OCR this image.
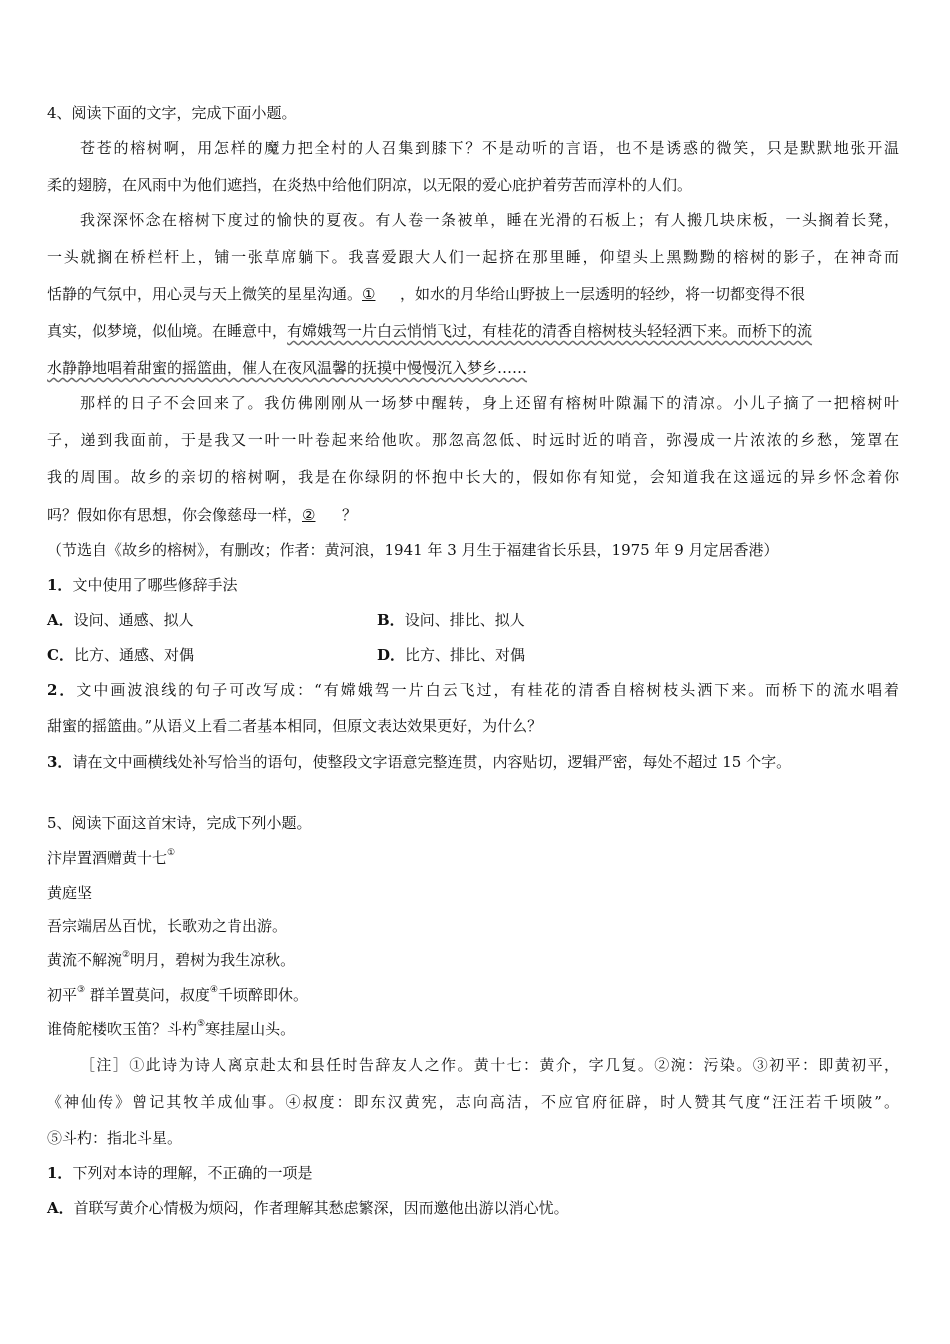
4、阅读下面的文字，完成下面小题。
苍苍的榕树啊，用怎样的魔力把全村的人召集到膝下？不是动听的言语，也不是诱惑的微笑，只是默默地张开温
柔的翅膀，在风雨中为他们遮挡，在炎热中给他们阴凉，以无限的爱心庇护着劳苦而淳朴的人们。
我深深怀念在榕树下度过的愉快的夏夜。有人卷一条被单，睡在光滑的石板上；有人搬几块床板，一头搁着长凳，
一头就搁在桥栏杆上，铺一张草席躺下。我喜爱跟大人们一起挤在那里睡，仰望头上黑黝黝的榕树的影子，在神奇而
恬静的气氛中，用心灵与天上微笑的星星沟通。① ，如水的月华给山野披上一层透明的轻纱，将一切都变得不很
真实，似梦境，似仙境。在睡意中，有嫦娥驾一片白云悄悄飞过，有桂花的清香自榕树枝头轻轻洒下来。而桥下的流
水静静地唱着甜蜜的摇篮曲，催人在夜风温馨的抚摸中慢慢沉入梦乡……
那样的日子不会回来了。我仿佛刚刚从一场梦中醒转，身上还留有榕树叶隙漏下的清凉。小儿子摘了一把榕树叶
子，递到我面前，于是我又一叶一叶卷起来给他吹。那忽高忽低、时远时近的哨音，弥漫成一片浓浓的乡愁，笼罩在
我的周围。故乡的亲切的榕树啊，我是在你绿阴的怀抱中长大的，假如你有知觉，会知道我在这遥远的异乡怀念着你
吗？假如你有思想，你会像慈母一样，② ？
（节选自《故乡的榕树》，有删改；作者：黄河浪，1941 年 3 月生于福建省长乐县，1975 年 9 月定居香港）
1．文中使用了哪些修辞手法
A．设问、通感、拟人	B．设问、排比、拟人
C．比方、通感、对偶	D．比方、排比、对偶
2．文中画波浪线的句子可改写成：“有嫦娥驾一片白云飞过，有桂花的清香自榕树枝头洒下来。而桥下的流水唱着
甜蜜的摇篮曲。”从语义上看二者基本相同，但原文表达效果更好，为什么？
3．请在文中画横线处补写恰当的语句，使整段文字语意完整连贯，内容贴切，逻辑严密，每处不超过 15 个字。
5、阅读下面这首宋诗，完成下列小题。
汴岸置酒赠黄十七①
黄庭坚
吾宗端居丛百忧，长歌劝之肯出游。
黄流不解涴②明月，碧树为我生凉秋。
初平③ 群羊置莫问，叔度④千顷醉即休。
谁倚舵楼吹玉笛？斗杓⑤寒挂屋山头。
［注］①此诗为诗人离京赴太和县任时告辞友人之作。黄十七：黄介，字几复。②涴：污染。③初平：即黄初平，
《神仙传》曾记其牧羊成仙事。④叔度：即东汉黄宪，志向高洁，不应官府征辟，时人赞其气度“汪汪若千顷陂”。
⑤斗杓：指北斗星。
1．下列对本诗的理解，不正确的一项是
A．首联写黄介心情极为烦闷，作者理解其愁虑繁深，因而邀他出游以消心忧。
